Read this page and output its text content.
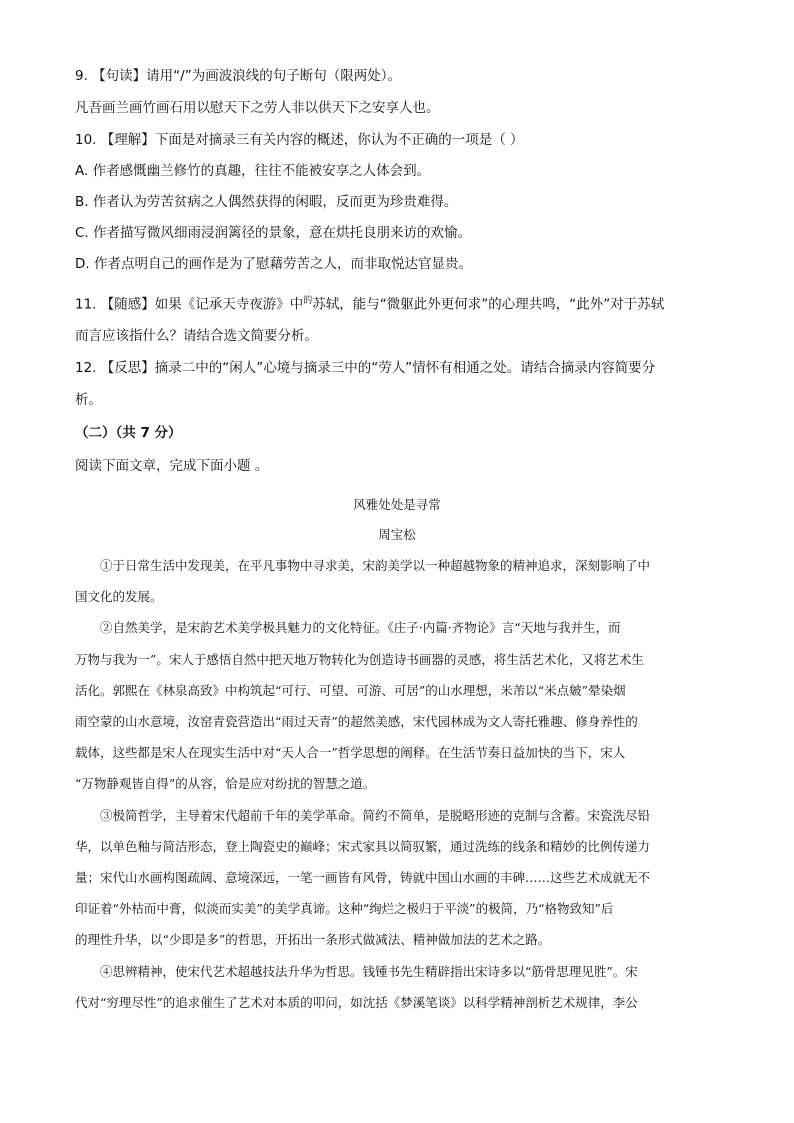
9. 【句读】请用“/”为画波浪线的句子断句（限两处）。
凡吾画兰画竹画石用以慰天下之劳人非以供天下之安享人也。
10. 【理解】下面是对摘录三有关内容的概述，你认为不正确的一项是（ ）
A. 作者感慨幽兰修竹的真趣，往往不能被安享之人体会到。
B. 作者认为劳苦贫病之人偶然获得的闲暇，反而更为珍贵难得。
C. 作者描写微风细雨浸润篱径的景象，意在烘托良朋来访的欢愉。
D. 作者点明自己的画作是为了慰藉劳苦之人，而非取悦达官显贵。
11. 【随感】如果《记承天寺夜游》中$^的$苏轼，能与“微躯此外更何求”的心理共鸣，“此外”对于苏轼
而言应该指什么？请结合选文简要分析。
12. 【反思】摘录二中的“闲人”心境与摘录三中的“劳人”情怀有相通之处。请结合摘录内容简要分
析。
（二）（共 7 分）
阅读下面文章，完成下面小题 。
风雅处处是寻常
周宝松
　　①于日常生活中发现美，在平凡事物中寻求美，宋韵美学以一种超越物象的精神追求，深刻影响了中
国文化的发展。
　　②自然美学，是宋韵艺术美学极具魅力的文化特征。《庄子·内篇·齐物论》言“天地与我并生，而
万物与我为一”。宋人于感悟自然中把天地万物转化为创造诗书画器的灵感，将生活艺术化，又将艺术生
活化。郭熙在《林泉高致》中构筑起“可行、可望、可游、可居”的山水理想，米芾以“米点皴”晕染烟
雨空蒙的山水意境，汝窑青瓷营造出“雨过天青”的超然美感，宋代园林成为文人寄托雅趣、修身养性的
载体，这些都是宋人在现实生活中对“天人合一”哲学思想的阐释。在生活节奏日益加快的当下，宋人
“万物静观皆自得”的从容，恰是应对纷扰的智慧之道。
　　③极简哲学，主导着宋代超前千年的美学革命。简约不简单，是脱略形迹的克制与含蓄。宋瓷洗尽铅
华，以单色釉与简洁形态，登上陶瓷史的巅峰；宋式家具以简驭繁，通过洗练的线条和精妙的比例传递力
量；宋代山水画构图疏阔、意境深远，一笔一画皆有风骨，铸就中国山水画的丰碑……这些艺术成就无不
印证着“外枯而中膏，似淡而实美”的美学真谛。这种“绚烂之极归于平淡”的极简，乃“格物致知”后
的理性升华，以“少即是多”的哲思，开拓出一条形式做减法、精神做加法的艺术之路。
　　④思辨精神，使宋代艺术超越技法升华为哲思。钱锺书先生精辟指出宋诗多以“筋骨思理见胜”。宋
代对“穷理尽性”的追求催生了艺术对本质的叩问，如沈括《梦溪笔谈》以科学精神剖析艺术规律，李公
